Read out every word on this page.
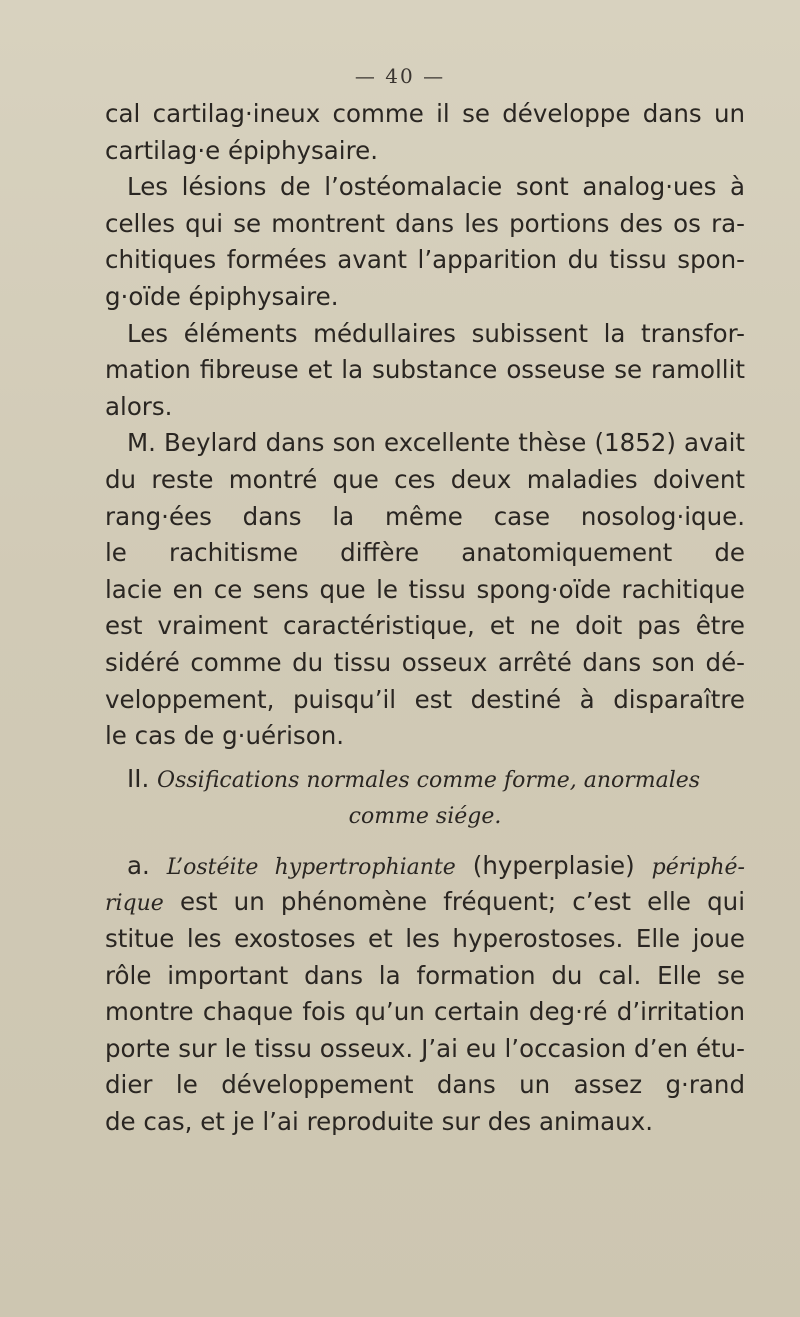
— 40 —
cal cartilag·ineux comme il se développe dans un
cartilag·e épiphysaire.
Les lésions de l’ostéomalacie sont analog·ues à
celles qui se montrent dans les portions des os ra-
chitiques formées avant l’apparition du tissu spon-
g·oïde épiphysaire.
Les éléments médullaires subissent la transfor-
mation fibreuse et la substance osseuse se ramollit
alors.
M. Beylard dans son excellente thèse (1852) avait
du reste montré que ces deux maladies doivent
rang·ées dans la même case nosolog·ique.
le rachitisme diffère anatomiquement de
lacie en ce sens que le tissu spong·oïde rachitique
est vraiment caractéristique, et ne doit pas être
sidéré comme du tissu osseux arrêté dans son dé-
veloppement, puisqu’il est destiné à disparaître
le cas de g·uérison.
II. Ossifications normales comme forme, anormales
comme siége.
a. L’ostéite hypertrophiante (hyperplasie) périphé-
rique est un phénomène fréquent; c’est elle qui
stitue les exostoses et les hyperostoses. Elle joue
rôle important dans la formation du cal. Elle se
montre chaque fois qu’un certain deg·ré d’irritation
porte sur le tissu osseux. J’ai eu l’occasion d’en étu-
dier le développement dans un assez g·rand
de cas, et je l’ai reproduite sur des animaux.
